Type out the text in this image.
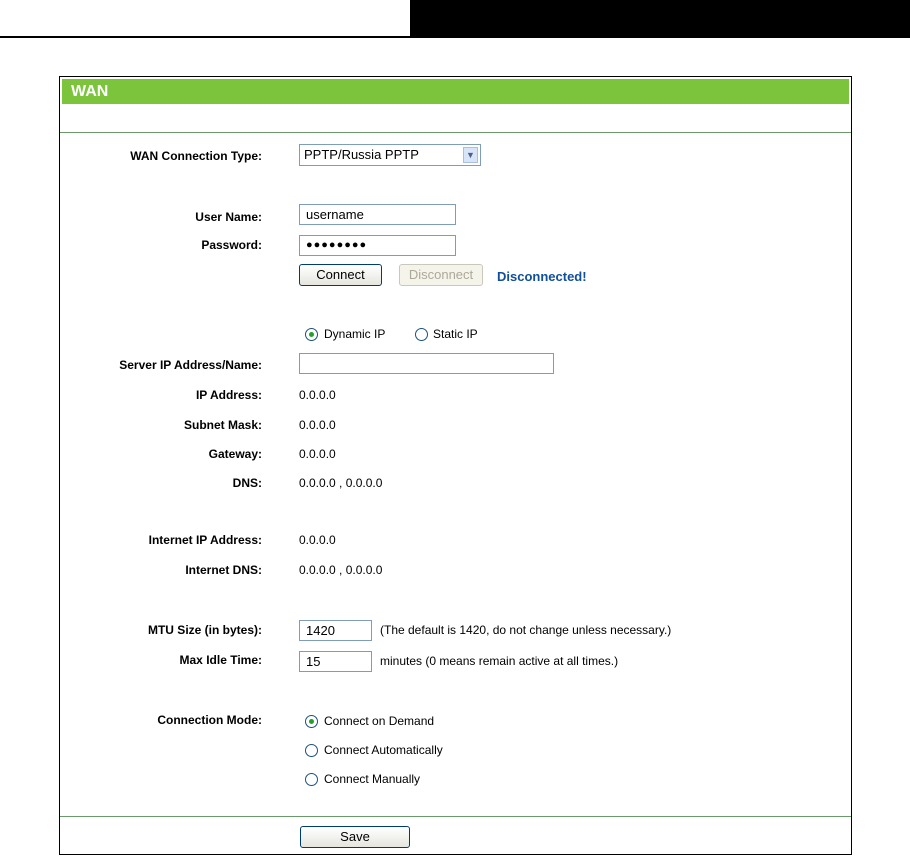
WAN
WAN Connection Type:	PPTP/Russia PPTP	▼
User Name:	username
Password:	●●●●●●●●
Connect	Disconnect	Disconnected!
Dynamic IP	Static IP
Server IP Address/Name:
IP Address:	0.0.0.0
Subnet Mask:	0.0.0.0
Gateway:	0.0.0.0
DNS:	0.0.0.0 , 0.0.0.0
Internet IP Address:	0.0.0.0
Internet DNS:	0.0.0.0 , 0.0.0.0
MTU Size (in bytes):	1420	(The default is 1420, do not change unless necessary.)
Max Idle Time:	15	minutes (0 means remain active at all times.)
Connection Mode:	Connect on Demand
Connect Automatically
Connect Manually
Save
